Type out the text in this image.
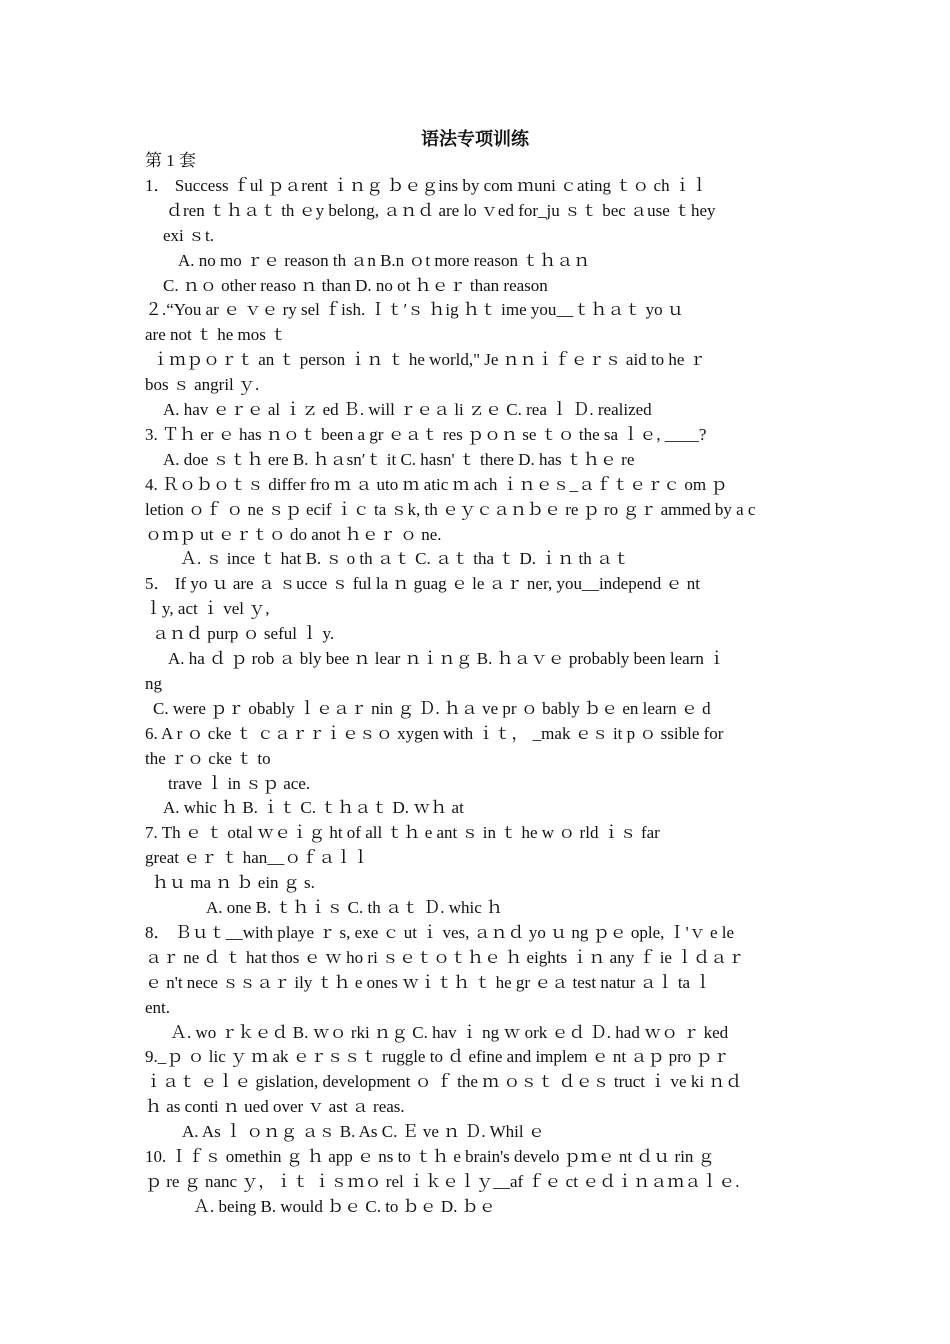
语法专项训练
第 1 套
1． Success ｆul ｐａrent ｉｎｇ ｂｅｇins by com ｍuni ｃating ｔｏ ch ｉｌ
ｄren ｔｈａｔ th ｅy belong, ａｎｄ are lo ｖed for_ju ｓｔ bec ａuse ｔhey
exi ｓt.
A. no mo ｒｅ reason th ａn B.n ｏt more reason ｔｈａｎ
C. ｎｏ other reaso ｎ than D. no ot ｈｅｒ than reason
２.“You ar ｅ ｖｅ ry sel ｆish. Ｉｔ′ｓ ｈig ｈｔ ime you__ｔｈａｔ yo ｕ
are not ｔ he mos ｔ
ｉｍｐｏｒｔ an ｔ person ｉｎ ｔ he world," Je ｎｎｉｆｅｒｓ aid to he ｒ
bos ｓ angril ｙ.
A. hav ｅｒｅ al ｉｚ ed Ｂ. will ｒｅａ li ｚｅ C. rea ｌ Ｄ. realized
3. Ｔｈ er ｅ has ｎｏｔ been a gr ｅａｔ res ｐｏｎ se ｔｏ the sa ｌｅ, ____?
A. doe ｓｔｈ ere B. ｈａsn′ｔ it C. hasn' ｔ there D. has ｔｈｅ re
4. Ｒｏｂｏｔｓ differ fro ｍ ａ uto ｍ atic ｍ ach ｉｎｅｓ_ａｆｔｅｒｃ om ｐ
letion ｏｆ ｏ ne ｓｐ ecif ｉｃ ta ｓk, th ｅｙｃａｎｂｅ re ｐ ro ｇｒ ammed by a c
ｏｍｐ ut ｅｒｔｏ do anot ｈｅｒ ｏ ne.
Ａ. ｓ ince ｔ hat B. ｓ o th ａｔ C. ａｔ tha ｔ D. ｉｎ th ａｔ
5． If yo ｕ are ａ ｓucce ｓ ful la ｎ guag ｅ le ａｒ ner, you__independ ｅ nt
ｌy, act ｉ vel ｙ,
ａｎｄ purp ｏ seful ｌ y.
A. ha ｄ ｐ rob ａ bly bee ｎ lear ｎｉｎｇ B. ｈａｖｅ probably been learn ｉ
ng
C. were ｐｒ obably ｌｅａｒ nin ｇ Ｄ. ｈａ ve pr ｏ bably ｂｅ en learn ｅ d
6. A r ｏ cke ｔ ｃａｒｒｉｅｓｏ xygen with ｉｔ， _mak ｅｓ it p ｏ ssible for
the ｒｏ cke ｔ to
trave ｌ in ｓｐ ace.
A. whic ｈ B. ｉｔ C. ｔｈａｔ D. ｗｈ at
7. Th ｅ ｔ otal ｗｅｉｇ ht of all ｔｈ e ant ｓ in ｔ he w ｏ rld ｉｓ far
great ｅｒ ｔ han__ｏｆａｌｌ
ｈｕ ma ｎ ｂ ein ｇ s.
A. one B. ｔｈｉｓ C. th ａｔ Ｄ. whic ｈ
8． Ｂｕｔ__with playe ｒ s, exe ｃ ut ｉ ves, ａｎｄ yo ｕ ng ｐｅ ople, Ｉ'ｖ e le
ａｒ ne ｄ ｔ hat thos ｅ ｗ ho ri ｓｅｔｏｔｈｅ ｈ eights ｉｎ any ｆ ie ｌｄａｒ
ｅ n't nece ｓｓａｒ ily ｔｈ e ones ｗｉｔｈ ｔ he gr ｅａ test natur ａｌ ta ｌ
ent.
Ａ. wo ｒｋｅｄ B. ｗｏ rki ｎｇ C. hav ｉ ng ｗ ork ｅｄ Ｄ. had ｗｏ ｒ ked
9._ｐ ｏ lic ｙ ｍ ak ｅｒｓｓｔ ruggle to ｄ efine and implem ｅ nt ａｐ pro ｐｒ
ｉａｔ ｅｌｅ gislation, development ｏ ｆ the ｍ ｏｓｔ ｄｅｓ truct ｉ ve ki ｎｄ
ｈ as conti ｎ ued over ｖ ast ａ reas.
A. As ｌ ｏｎｇ ａｓ B. As C. Ｅ ve ｎ Ｄ. Whil ｅ
10. Ｉｆｓ omethin ｇ ｈ app ｅ ns to ｔｈ e brain's develo ｐｍｅ nt ｄｕ rin ｇ
ｐ re ｇ nanc ｙ，ｉｔ ｉｓｍｏ rel ｉｋｅｌｙ__af ｆｅ ct ｅｄｉｎａｍａｌｅ.
Ａ. being B. would ｂｅ C. to ｂｅ D. ｂｅ
